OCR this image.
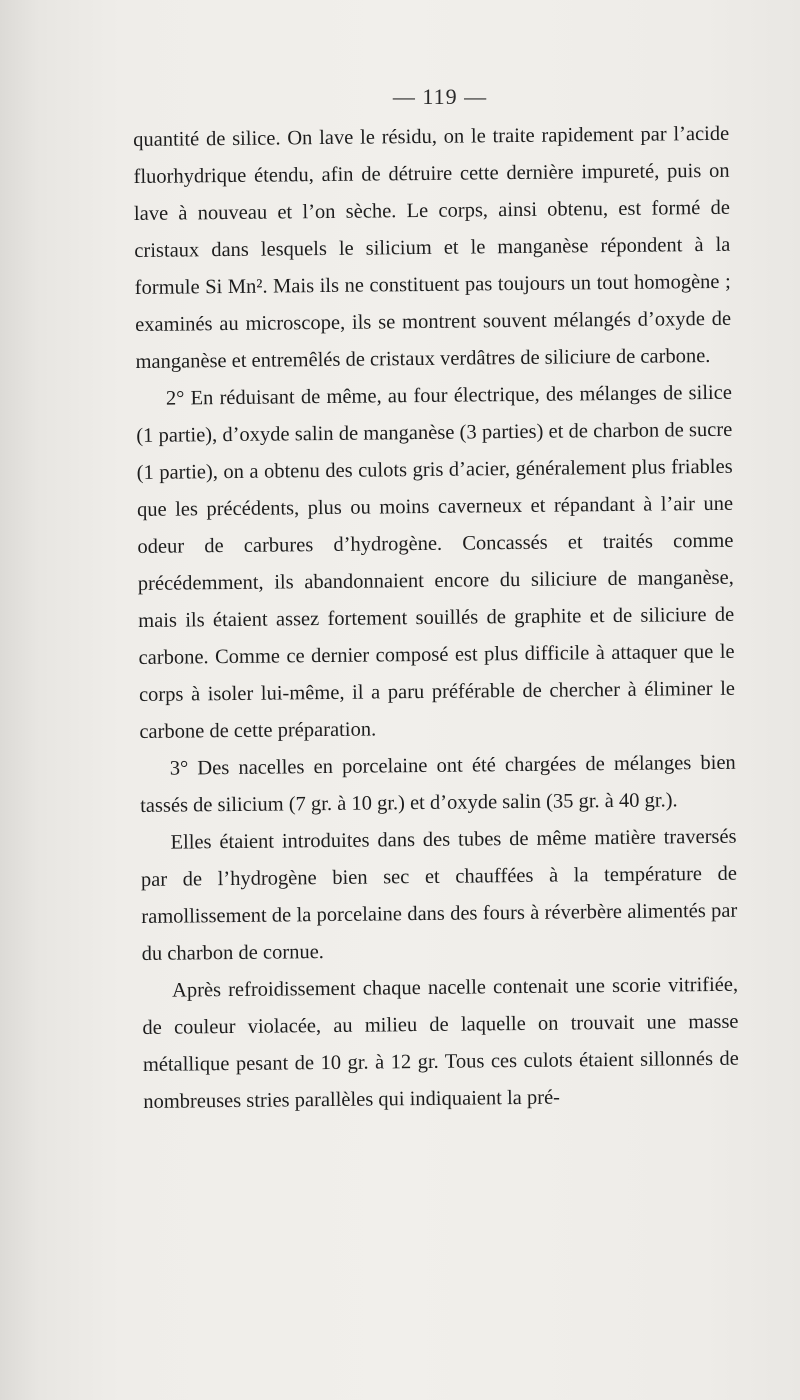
— 119 —

quantité de silice. On lave le résidu, on le traite rapidement par l’acide fluorhydrique étendu, afin de détruire cette dernière impureté, puis on lave à nouveau et l’on sèche. Le corps, ainsi obtenu, est formé de cristaux dans lesquels le silicium et le manganèse répondent à la formule Si Mn². Mais ils ne constituent pas toujours un tout homogène ; examinés au microscope, ils se montrent souvent mélangés d’oxyde de manganèse et entremêlés de cristaux verdâtres de siliciure de carbone.

2° En réduisant de même, au four électrique, des mélanges de silice (1 partie), d’oxyde salin de manganèse (3 parties) et de charbon de sucre (1 partie), on a obtenu des culots gris d’acier, généralement plus friables que les précédents, plus ou moins caverneux et répandant à l’air une odeur de carbures d’hydrogène. Concassés et traités comme précédemment, ils abandonnaient encore du siliciure de manganèse, mais ils étaient assez fortement souillés de graphite et de siliciure de carbone. Comme ce dernier composé est plus difficile à attaquer que le corps à isoler lui-même, il a paru préférable de chercher à éliminer le carbone de cette préparation.

3° Des nacelles en porcelaine ont été chargées de mélanges bien tassés de silicium (7 gr. à 10 gr.) et d’oxyde salin (35 gr. à 40 gr.).

Elles étaient introduites dans des tubes de même matière traversés par de l’hydrogène bien sec et chauffées à la température de ramollissement de la porcelaine dans des fours à réverbère alimentés par du charbon de cornue.

Après refroidissement chaque nacelle contenait une scorie vitrifiée, de couleur violacée, au milieu de laquelle on trouvait une masse métallique pesant de 10 gr. à 12 gr. Tous ces culots étaient sillonnés de nombreuses stries parallèles qui indiquaient la pré-
